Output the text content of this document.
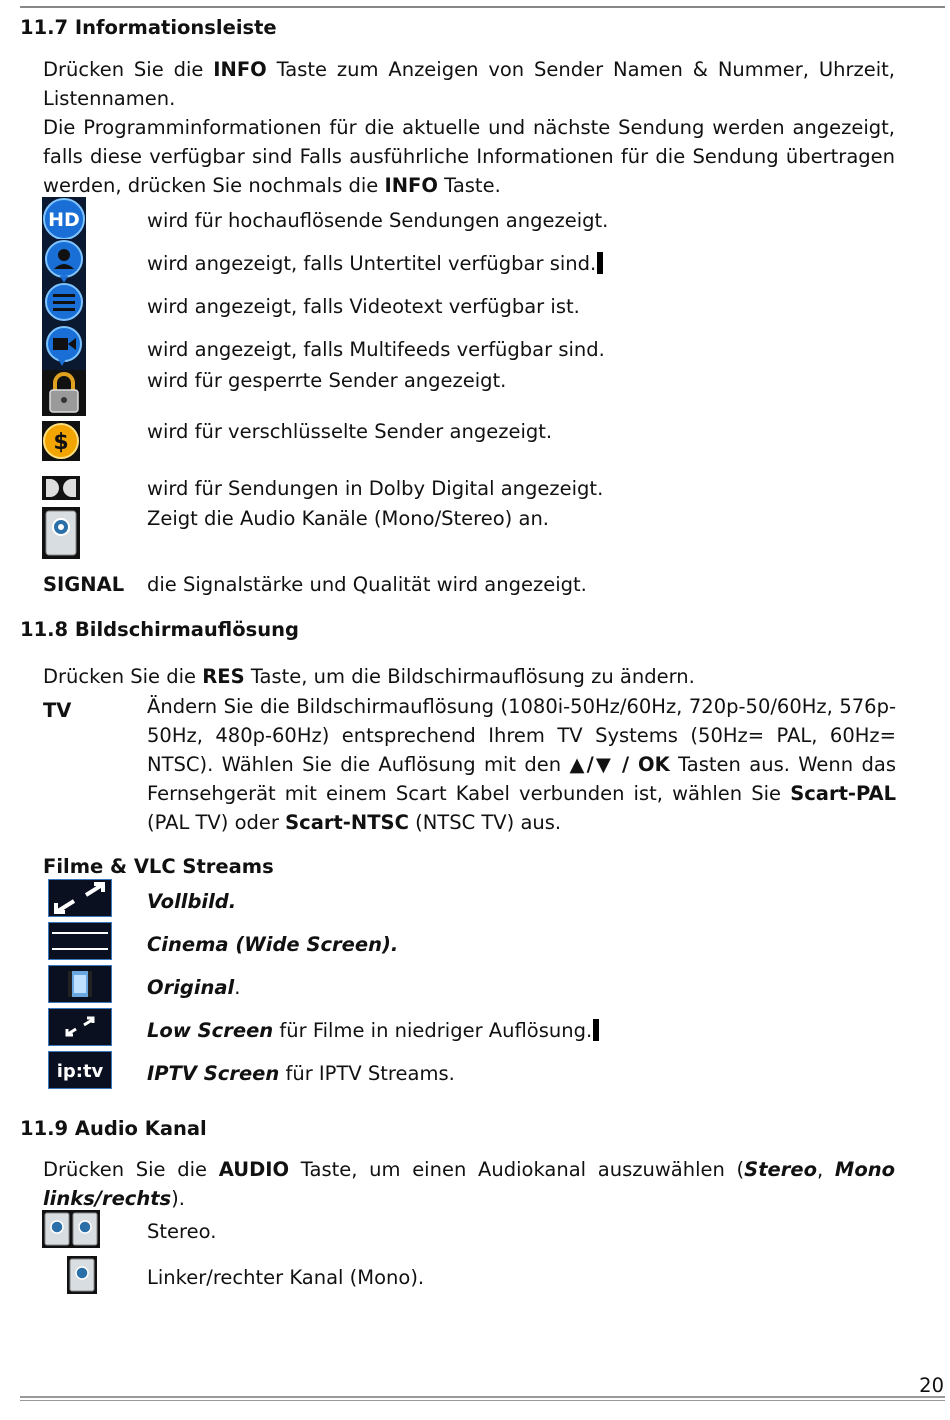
11.7 Informationsleiste
Drücken Sie die INFO Taste zum Anzeigen von Sender Namen & Nummer, Uhrzeit,
Listennamen.
Die Programminformationen für die aktuelle und nächste Sendung werden angezeigt,
falls diese verfügbar sind Falls ausführliche Informationen für die Sendung übertragen
werden, drücken Sie nochmals die INFO Taste.
HD	wird für hochauflösende Sendungen angezeigt.
wird angezeigt, falls Untertitel verfügbar sind.
wird angezeigt, falls Videotext verfügbar ist.
wird angezeigt, falls Multifeeds verfügbar sind.
wird für gesperrte Sender angezeigt.
$	wird für verschlüsselte Sender angezeigt.
wird für Sendungen in Dolby Digital angezeigt.
Zeigt die Audio Kanäle (Mono/Stereo) an.
SIGNAL die Signalstärke und Qualität wird angezeigt.
11.8 Bildschirmauflösung
Drücken Sie die RES Taste, um die Bildschirmauflösung zu ändern.
TV	Ändern Sie die Bildschirmauflösung (1080i-50Hz/60Hz, 720p-50/60Hz, 576p-
50Hz, 480p-60Hz) entsprechend Ihrem TV Systems (50Hz= PAL, 60Hz=
NTSC). Wählen Sie die Auflösung mit den ▲/▼ / OK Tasten aus. Wenn das
Fernsehgerät mit einem Scart Kabel verbunden ist, wählen Sie Scart-PAL
(PAL TV) oder Scart-NTSC (NTSC TV) aus.
Filme & VLC Streams
Vollbild.
Cinema (Wide Screen).
Original.
Low Screen für Filme in niedriger Auflösung.
ip:tv IPTV Screen für IPTV Streams.
11.9 Audio Kanal
Drücken Sie die AUDIO Taste, um einen Audiokanal auszuwählen (Stereo, Mono
links/rechts).
Stereo.
Linker/rechter Kanal (Mono).
20
